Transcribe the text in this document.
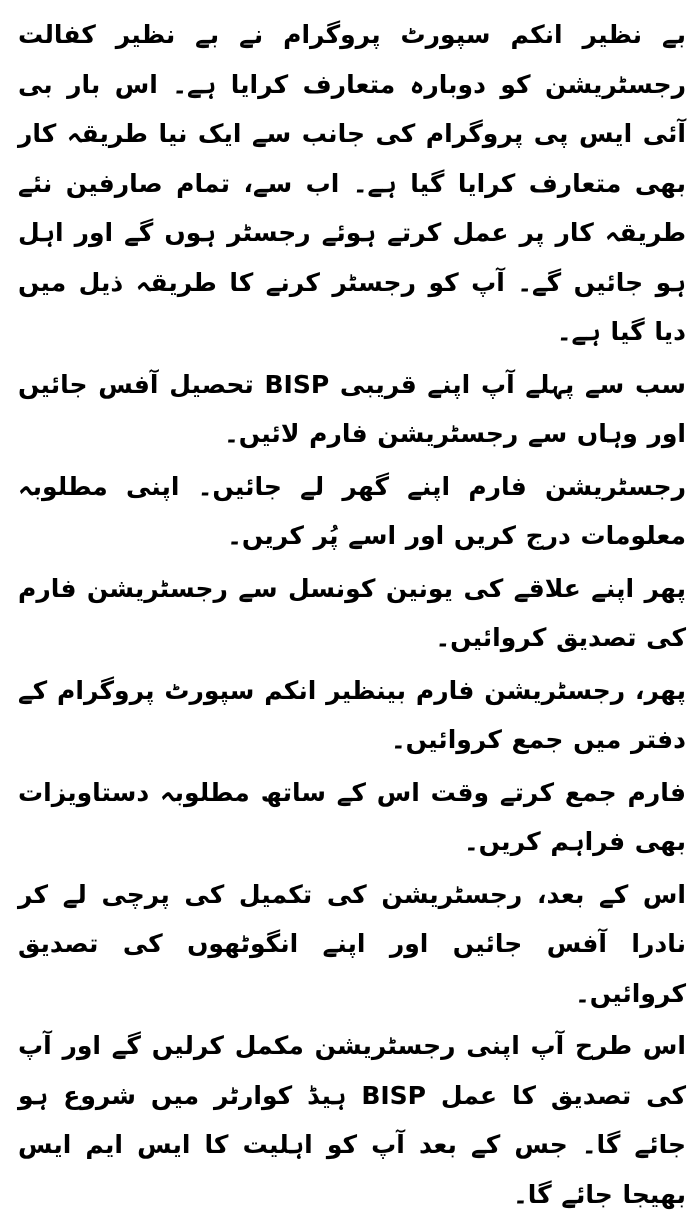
بے نظیر انکم سپورٹ پروگرام نے بے نظیر کفالت رجسٹریشن کو دوبارہ متعارف کرایا ہے۔ اس بار بی آئی ایس پی پروگرام کی جانب سے ایک نیا طریقہ کار بھی متعارف کرایا گیا ہے۔ اب سے، تمام صارفین نئے طریقہ کار پر عمل کرتے ہوئے رجسٹر ہوں گے اور اہل ہو جائیں گے۔ آپ کو رجسٹر کرنے کا طریقہ ذیل میں دیا گیا ہے۔

سب سے پہلے آپ اپنے قریبی BISP تحصیل آفس جائیں اور وہاں سے رجسٹریشن فارم لائیں۔

رجسٹریشن فارم اپنے گھر لے جائیں۔ اپنی مطلوبہ معلومات درج کریں اور اسے پُر کریں۔

پھر اپنے علاقے کی یونین کونسل سے رجسٹریشن فارم کی تصدیق کروائیں۔

پھر، رجسٹریشن فارم بینظیر انکم سپورٹ پروگرام کے دفتر میں جمع کروائیں۔

فارم جمع کرتے وقت اس کے ساتھ مطلوبہ دستاویزات بھی فراہم کریں۔

اس کے بعد، رجسٹریشن کی تکمیل کی پرچی لے کر نادرا آفس جائیں اور اپنے انگوٹھوں کی تصدیق کروائیں۔

اس طرح آپ اپنی رجسٹریشن مکمل کرلیں گے اور آپ کی تصدیق کا عمل BISP ہیڈ کوارٹر میں شروع ہو جائے گا۔ جس کے بعد آپ کو اہلیت کا ایس ایم ایس بھیجا جائے گا۔
